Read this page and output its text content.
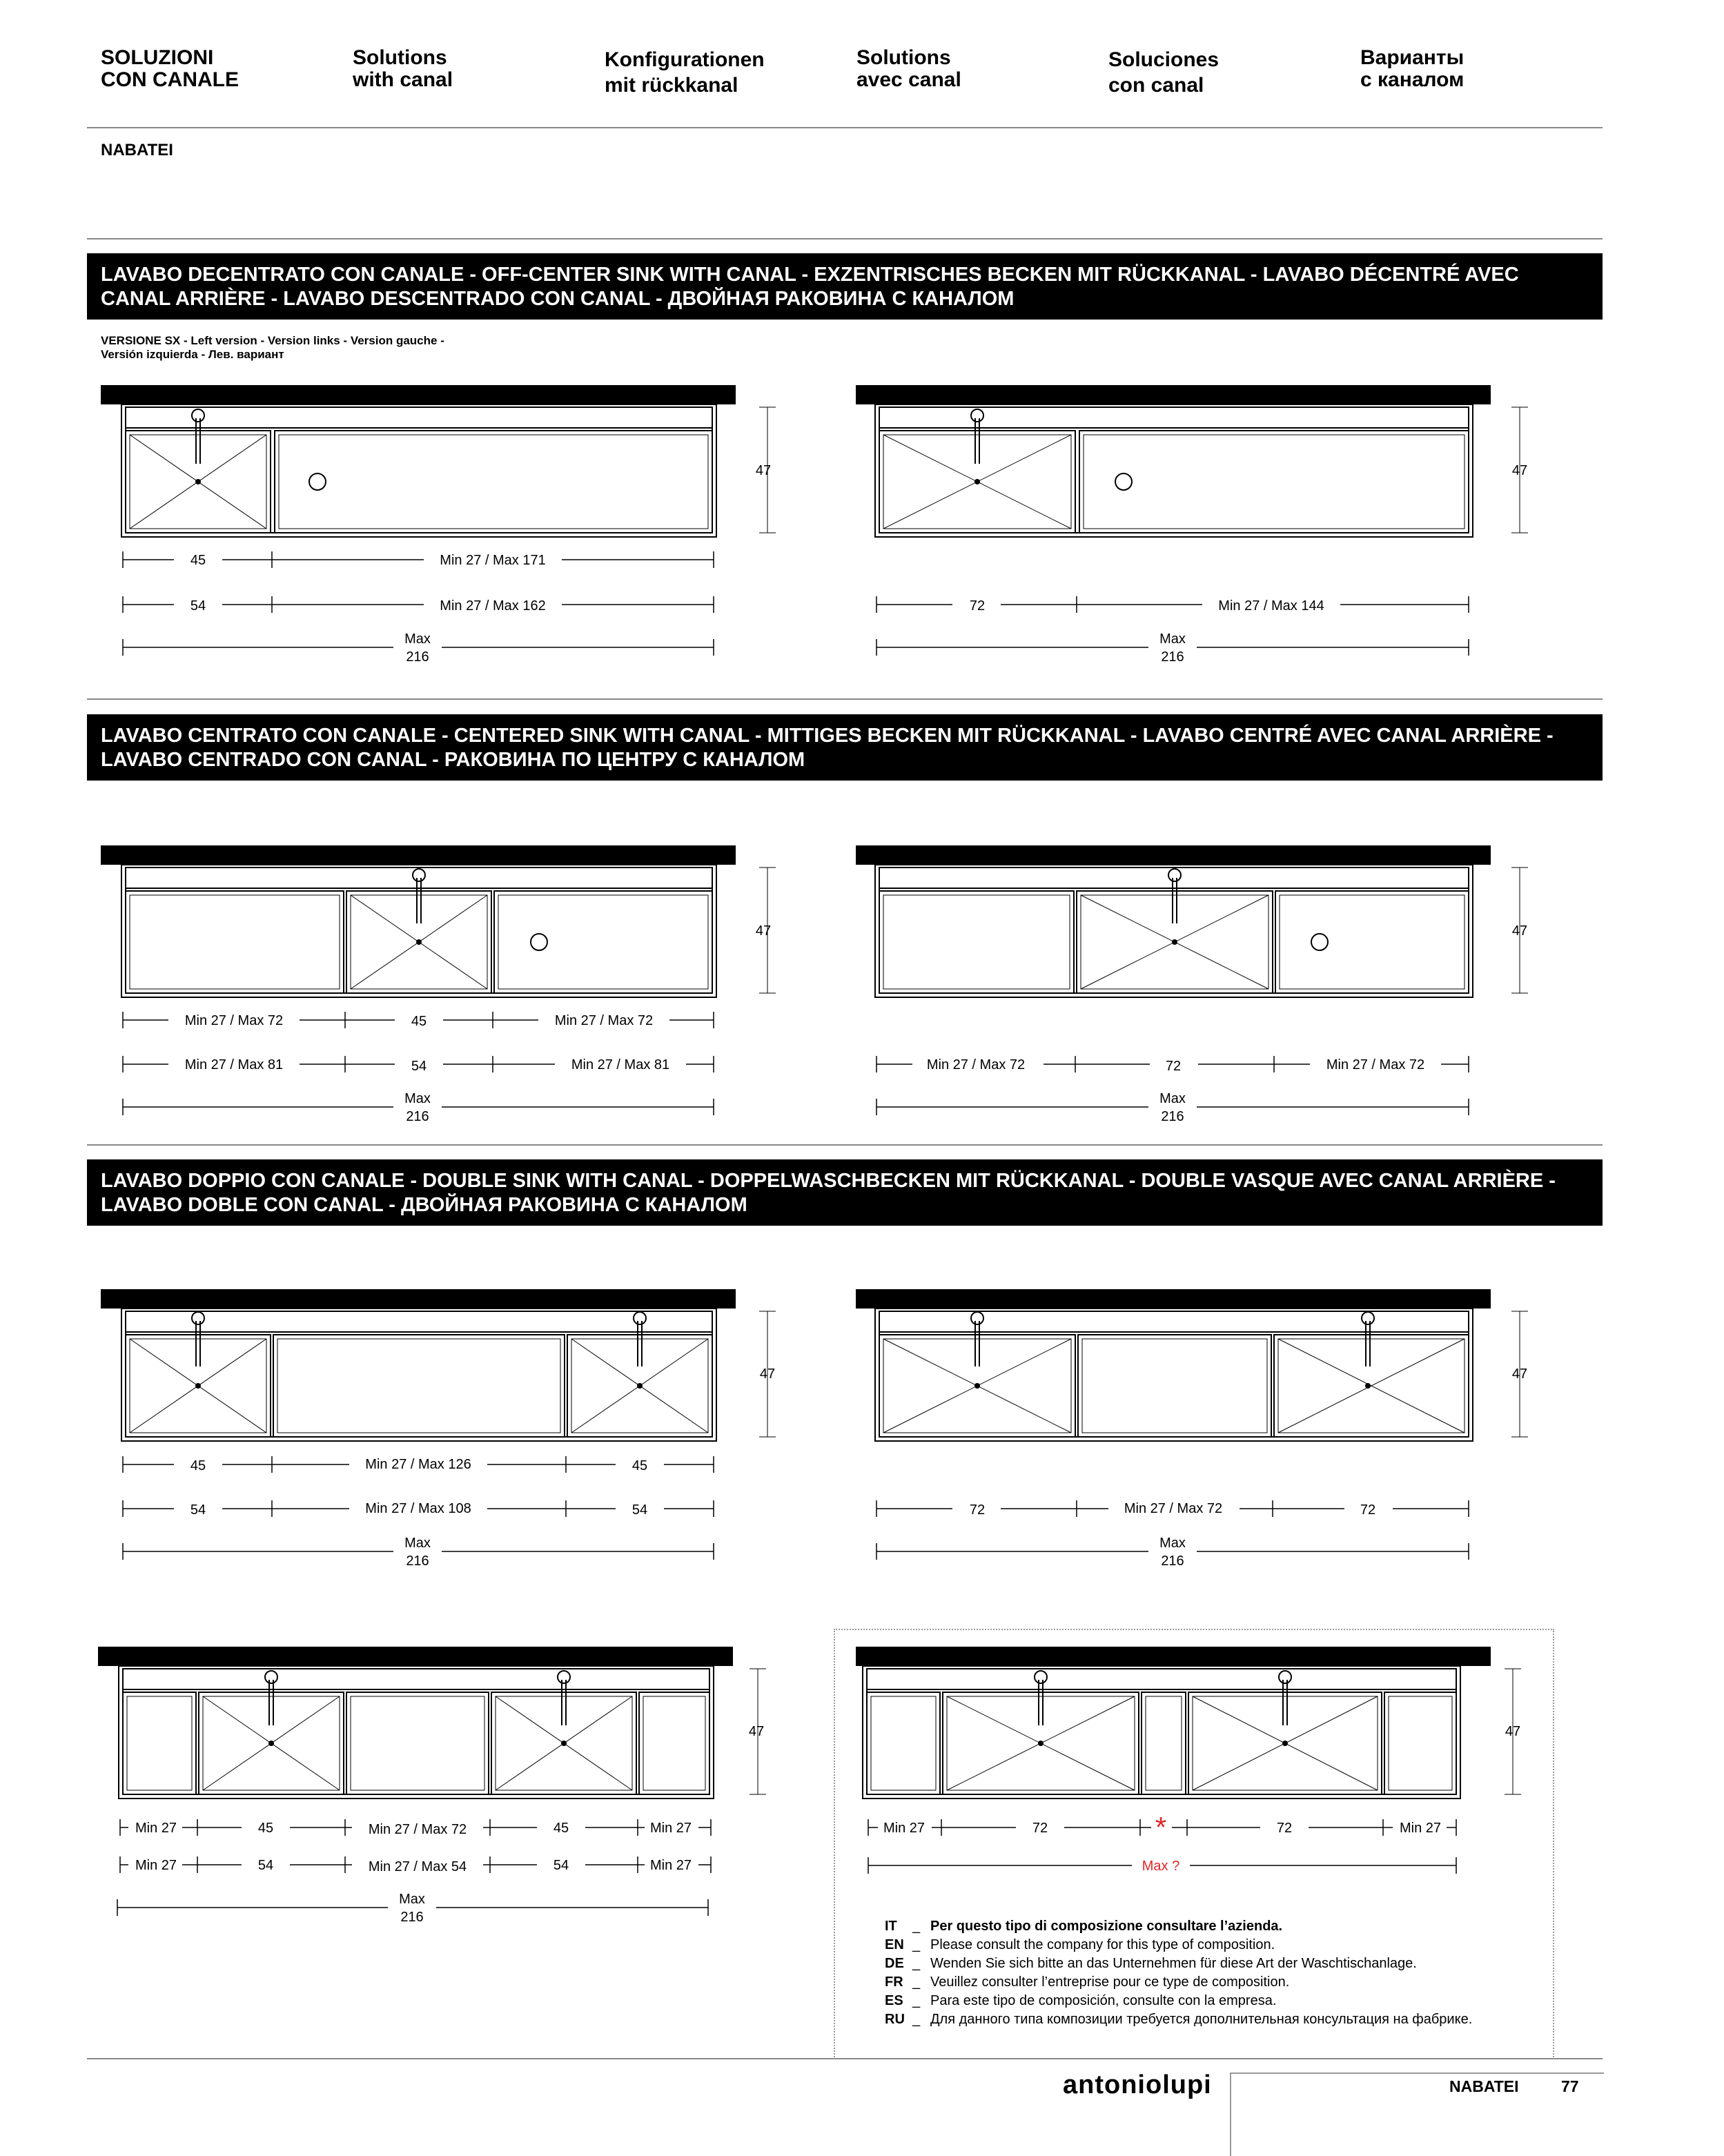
SOLUZIONI
CON CANALE
Solutions
with canal
Konfigurationen
mit rückkanal
Solutions
avec canal
Soluciones
con canal
Варианты
с каналом
NABATEI
LAVABO DECENTRATO CON CANALE - OFF-CENTER SINK WITH CANAL - EXZENTRISCHES BECKEN MIT RÜCKKANAL - LAVABO DÉCENTRÉ AVEC CANAL ARRIÈRE - LAVABO DESCENTRADO CON CANAL - ДВОЙНАЯ РАКОВИНА С КАНАЛОМ
VERSIONE SX - Left version - Version links - Version gauche - Versión izquierda - Лев. вариант
LAVABO CENTRATO CON CANALE - CENTERED SINK WITH CANAL - MITTIGES BECKEN MIT RÜCKKANAL - LAVABO CENTRÉ AVEC CANAL ARRIÈRE - LAVABO CENTRADO CON CANAL - РАКОВИНА ПО ЦЕНТРУ С КАНАЛОМ
LAVABO DOPPIO CON CANALE - DOUBLE SINK WITH CANAL - DOPPELWASCHBECKEN MIT RÜCKKANAL - DOUBLE VASQUE AVEC CANAL ARRIÈRE - LAVABO DOBLE CON CANAL - ДВОЙНАЯ РАКОВИНА С КАНАЛОМ
47	47
47	47
47	47
47	47
45	Min 27 / Max 171
54	Min 27 / Max 162
Max
216
72	Min 27 / Max 144
Max
216
Min 27 / Max 72	45	Min 27 / Max 72
Min 27 / Max 81	54	Min 27 / Max 81
Max
216
Min 27 / Max 72	72	Min 27 / Max 72
Max
216
45	Min 27 / Max 126	45
54	Min 27 / Max 108	54
Max
216
72	Min 27 / Max 72	72
Max
216
Min 27	45	Min 27 / Max 72	45	Min 27
Min 27	54	Min 27 / Max 54	54	Min 27
Max
216
Min 27	72	*	72	Min 27
Max ?
IT _ Per questo tipo di composizione consultare l’azienda.
EN _ Please consult the company for this type of composition.
DE _ Wenden Sie sich bitte an das Unternehmen für diese Art der Waschtischanlage.
FR _ Veuillez consulter l’entreprise pour ce type de composition.
ES _ Para este tipo de composición, consulte con la empresa.
RU _ Для данного типа композиции требуется дополнительная консультация на фабрике.
antoniolupi	NABATEI	77
